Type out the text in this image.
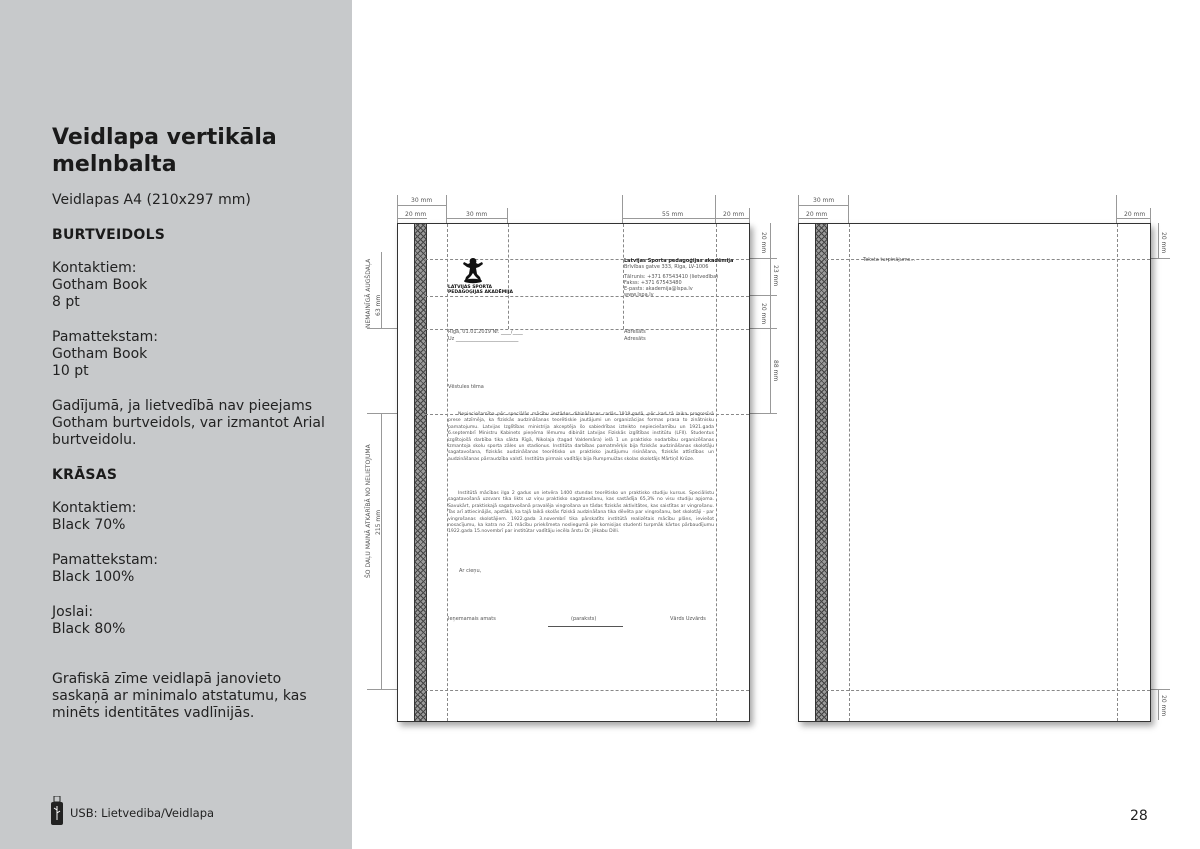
Veidlapa vertikāla melnbalta
Veidlapas A4 (210x297 mm)
BURTVEIDOLS
Kontaktiem:
Gotham Book
8 pt
Pamattekstam:
Gotham Book
10 pt
Gadījumā, ja lietvedībā nav pieejams Gotham burtveidols, var izmantot Arial burtveidolu.
KRĀSAS
Kontaktiem:
Black 70%
Pamattekstam:
Black 100%
Joslai:
Black 80%
Grafiskā zīme veidlapā janovieto saskaņā ar minimalo atstatumu, kas minēts identitātes vadlīnijās.
USB: Lietvediba/Veidlapa	28
30 mm
20 mm	30 mm	55 mm	20 mm
20 mm
23 mm
20 mm
88 mm
NEMAINĪGĀ AUGŠDAĻA 63 mm
ŠO DAĻU MAINĀ ATKARĪBĀ NO NELIETOJUMA 215 mm
LATVIJAS SPORTA
PEDAGOĢIJAS AKADĒMIJA
Latvijas Sporta pedagoģijas akadēmija
Brīvības gatve 333, Rīga, LV-1006
Tālrunis: +371 67543410 (lietvedība)
Fakss: +371 67543480
E-pasts: akademija@lspa.lv
www.lspa.lv
Rīgā, 01.01.2019 Nr. ____/____
Uz _________________________
Adresāts
Adresāts
Vēstules tēma
Nepieciešamība pēc speciālās mācību iestādes dibināšanas radās 1919.gadā, pēc kad tā laika progresīvā prese atzīmēja, ka fiziskās audzināšanas teorētiskie jautājumi un organizācijas formas prasa to zinātnisku pamatojumu. Latvijas Izglītības ministrija akceptēja šo sabiedrības izteikto nepieciešamību un 1921.gada 6.septembrī Ministru Kabinets pieņēma lēmumu dibināt Latvijas Fiziskās izglītības institūtu (LFII). Studentus izglītojošā darbība tika sākta Rīgā, Nikolaja (tagad Valdemāra) ielā 1 un praktisko nodarbību organizēšanas izmantoja skolu sporta zāles un stadionus. Institūta darbības pamatmērķis bija fiziskās audzināšanas skolotāju sagatavošana, fiziskās audzināšanas teorētisko un praktisko jautājumu risināšana, fiziskās attīstības un audzināšanas pārraudzība valstī. Institūta pirmais vadītājs bija Rumpmuižas skolas skolotājs Mārtiņš Krūze.
Institūtā mācības ilga 2 gadus un ietvēra 1400 stundas teorētisko un praktisko studiju kursus. Speciālistu sagatavošanā uzsvars tika likts uz viņu praktisko sagatavošanu, kas sastādīja 65,3% no visu studiju apjoma. Savukārt, praktiskajā sagatavošanā pravalēja vingrošana un tādas fiziskās aktivitātes, kas saistītas ar vingrošanu. Tas arī attiecinājās, apstākļi, ka tajā laikā skolās fiziskā audzināšana tika dēvēta par vingrošanu, bet skolotāji - par vingrošanas skolotājiem. 1922.gada 3.novembrī tika pārskatīts institūtā realizētais mācību plāns, ieviešot nosacījumu, ka katra no 21 mācību priekšmeta nosliegumā pie komisijas studenti turpmāk kārtos pārbaudījumu 1922.gada 15.novembrī par institūtar vadītāju iecēla ārstu Dr. Jēkabu Dilli.
Ar cieņu,
Ieņemamais amats	(paraksts)	Vārds Uzvārds
30 mm
20 mm	20 mm
20 mm
20 mm
Teksta turpinājums...
